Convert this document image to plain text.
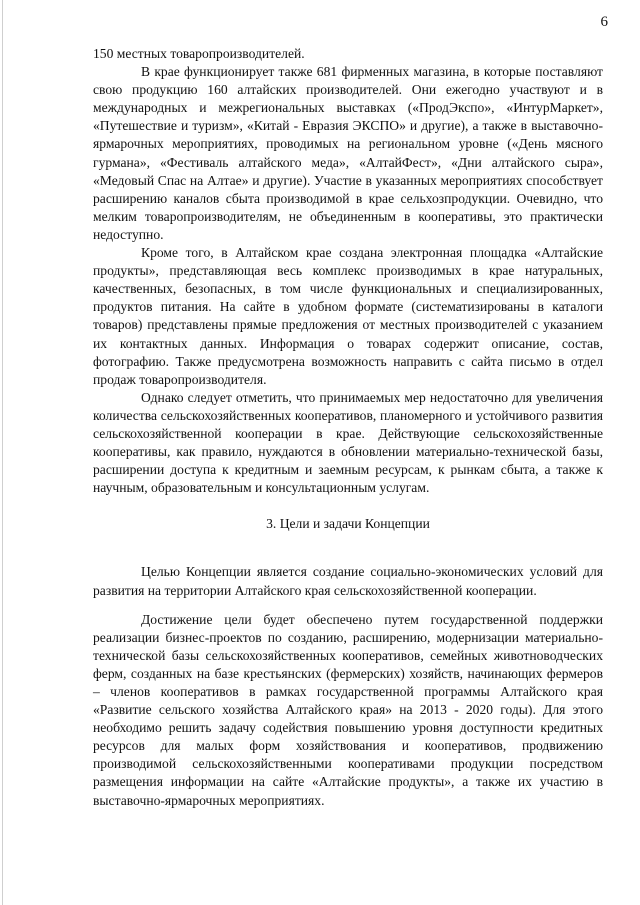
6

150 местных товаропроизводителей.

В крае функционирует также 681 фирменных магазина, в которые поставляют свою продукцию 160 алтайских производителей. Они ежегодно участвуют и в международных и межрегиональных выставках («ПродЭкспо», «ИнтурМаркет», «Путешествие и туризм», «Китай - Евразия ЭКСПО» и другие), а также в выставочно-ярмарочных мероприятиях, проводимых на региональном уровне («День мясного гурмана», «Фестиваль алтайского меда», «АлтайФест», «Дни алтайского сыра», «Медовый Спас на Алтае» и другие). Участие в указанных мероприятиях способствует расширению каналов сбыта производимой в крае сельхозпродукции. Очевидно, что мелким товаропроизводителям, не объединенным в кооперативы, это практически недоступно.

Кроме того, в Алтайском крае создана электронная площадка «Алтайские продукты», представляющая весь комплекс производимых в крае натуральных, качественных, безопасных, в том числе функциональных и специализированных, продуктов питания. На сайте в удобном формате (систематизированы в каталоги товаров) представлены прямые предложения от местных производителей с указанием их контактных данных. Информация о товарах содержит описание, состав, фотографию. Также предусмотрена возможность направить с сайта письмо в отдел продаж товаропроизводителя.

Однако следует отметить, что принимаемых мер недостаточно для увеличения количества сельскохозяйственных кооперативов, планомерного и устойчивого развития сельскохозяйственной кооперации в крае. Действующие сельскохозяйственные кооперативы, как правило, нуждаются в обновлении материально-технической базы, расширении доступа к кредитным и заемным ресурсам, к рынкам сбыта, а также к научным, образовательным и консультационным услугам.

3. Цели и задачи Концепции

Целью Концепции является создание социально-экономических условий для развития на территории Алтайского края сельскохозяйственной кооперации.

Достижение цели будет обеспечено путем государственной поддержки реализации бизнес-проектов по созданию, расширению, модернизации материально-технической базы сельскохозяйственных кооперативов, семейных животноводческих ферм, созданных на базе крестьянских (фермерских) хозяйств, начинающих фермеров – членов кооперативов в рамках государственной программы Алтайского края «Развитие сельского хозяйства Алтайского края» на 2013 - 2020 годы). Для этого необходимо решить задачу содействия повышению уровня доступности кредитных ресурсов для малых форм хозяйствования и кооперативов, продвижению производимой сельскохозяйственными кооперативами продукции посредством размещения информации на сайте «Алтайские продукты», а также их участию в выставочно-ярмарочных мероприятиях.
